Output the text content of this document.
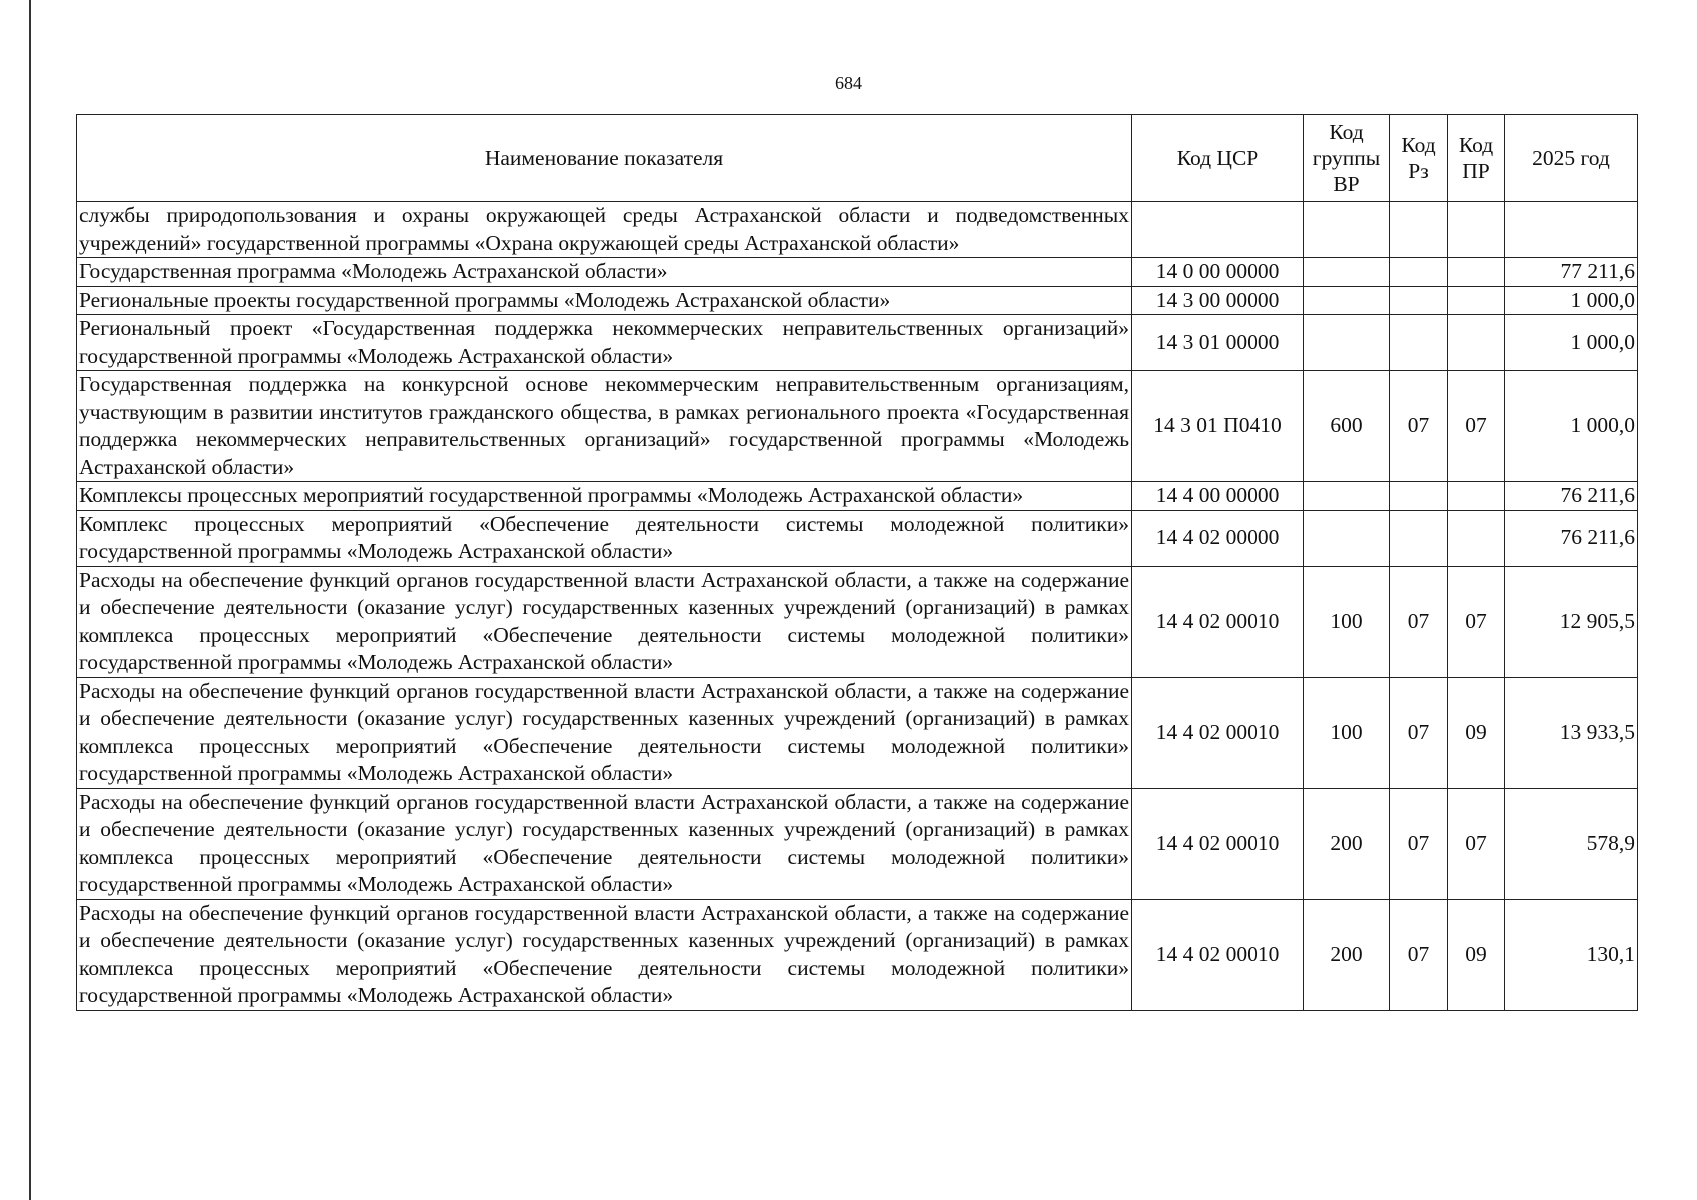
684
Наименование показателя	Код ЦСР	Код группы ВР	Код Рз	Код ПР	2025 год
службы природопользования и охраны окружающей среды Астраханской области и подведомственных учреждений» государственной программы «Охрана окружающей среды Астраханской области»					
Государственная программа «Молодежь Астраханской области»	14 0 00 00000				77 211,6
Региональные проекты государственной программы «Молодежь Астраханской области»	14 3 00 00000				1 000,0
Региональный проект «Государственная поддержка некоммерческих неправительственных организаций» государственной программы «Молодежь Астраханской области»	14 3 01 00000				1 000,0
Государственная поддержка на конкурсной основе некоммерческим неправительственным организациям, участвующим в развитии институтов гражданского общества, в рамках регионального проекта «Государственная поддержка некоммерческих неправительственных организаций» государственной программы «Молодежь Астраханской области»	14 3 01 П0410	600	07	07	1 000,0
Комплексы процессных мероприятий государственной программы «Молодежь Астраханской области»	14 4 00 00000				76 211,6
Комплекс процессных мероприятий «Обеспечение деятельности системы молодежной политики» государственной программы «Молодежь Астраханской области»	14 4 02 00000				76 211,6
Расходы на обеспечение функций органов государственной власти Астраханской области, а также на содержание и обеспечение деятельности (оказание услуг) государственных казенных учреждений (организаций) в рамках комплекса процессных мероприятий «Обеспечение деятельности системы молодежной политики» государственной программы «Молодежь Астраханской области»	14 4 02 00010	100	07	07	12 905,5
Расходы на обеспечение функций органов государственной власти Астраханской области, а также на содержание и обеспечение деятельности (оказание услуг) государственных казенных учреждений (организаций) в рамках комплекса процессных мероприятий «Обеспечение деятельности системы молодежной политики» государственной программы «Молодежь Астраханской области»	14 4 02 00010	100	07	09	13 933,5
Расходы на обеспечение функций органов государственной власти Астраханской области, а также на содержание и обеспечение деятельности (оказание услуг) государственных казенных учреждений (организаций) в рамках комплекса процессных мероприятий «Обеспечение деятельности системы молодежной политики» государственной программы «Молодежь Астраханской области»	14 4 02 00010	200	07	07	578,9
Расходы на обеспечение функций органов государственной власти Астраханской области, а также на содержание и обеспечение деятельности (оказание услуг) государственных казенных учреждений (организаций) в рамках комплекса процессных мероприятий «Обеспечение деятельности системы молодежной политики» государственной программы «Молодежь Астраханской области»	14 4 02 00010	200	07	09	130,1
